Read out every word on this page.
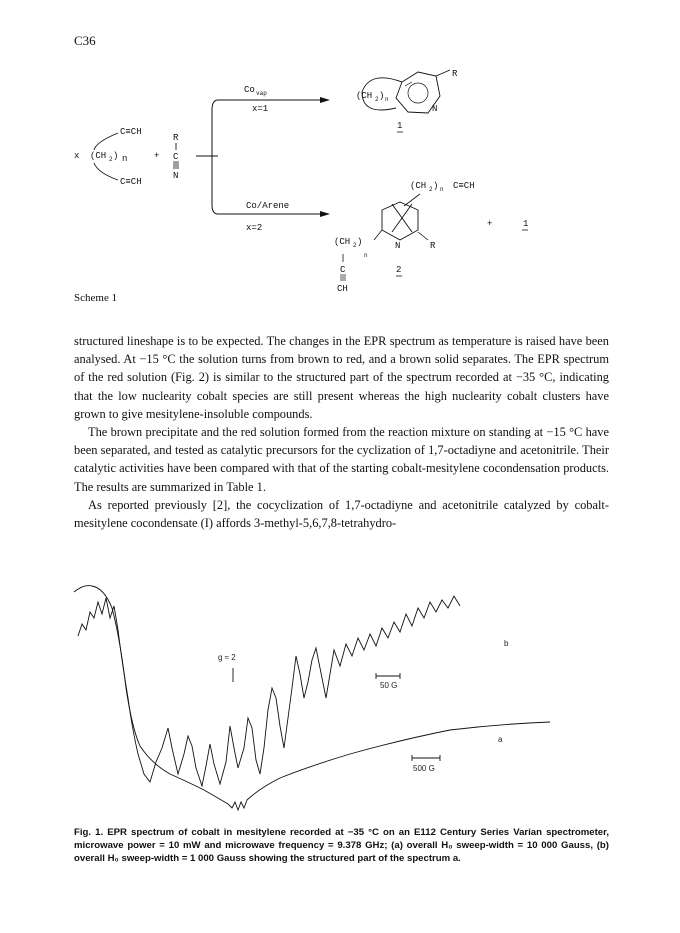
C36
x (CH 2 ) n
C≡CH
C≡CH
+
R
C
N
Co vap
x=1
Co/Arene
x=2
(CH 2 ) n
R
N
1
(CH 2 ) n C≡CH
(CH 2 )
n
N	R
C
CH
2
+	1
Scheme 1

structured lineshape is to be expected. The changes in the EPR spectrum as temperature is raised have been analysed. At −15 °C the solution turns from brown to red, and a brown solid separates. The EPR spectrum of the red solution (Fig. 2) is similar to the structured part of the spectrum recorded at −35 °C, indicating that the low nuclearity cobalt species are still present whereas the high nuclearity cobalt clusters have grown to give mesitylene-insoluble compounds.

The brown precipitate and the red solution formed from the reaction mixture on standing at −15 °C have been separated, and tested as catalytic precursors for the cyclization of 1,7-octadiyne and acetonitrile. Their catalytic activities have been compared with that of the starting cobalt-mesitylene cocondensation products. The results are summarized in Table 1.

As reported previously [2], the cocyclization of 1,7-octadiyne and acetonitrile catalyzed by cobalt-mesitylene cocondensate (I) affords 3-methyl-5,6,7,8-tetrahydro-

g ≈ 2
b
a
50 G
500 G
Fig. 1. EPR spectrum of cobalt in mesitylene recorded at −35 °C on an E112 Century Series Varian spectrometer, microwave power = 10 mW and microwave frequency = 9.378 GHz; (a) overall H₀ sweep-width = 10 000 Gauss, (b) overall H₀ sweep-width = 1 000 Gauss showing the structured part of the spectrum a.
